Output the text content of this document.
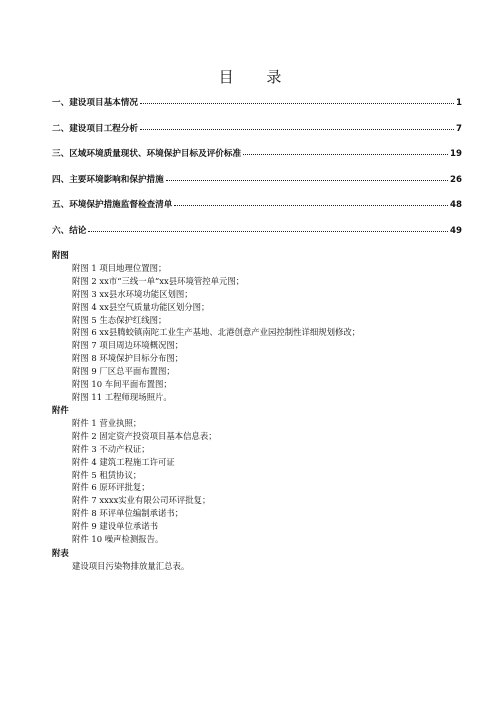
目 录
一、建设项目基本情况	1
二、建设项目工程分析	7
三、区域环境质量现状、环境保护目标及评价标准	19
四、主要环境影响和保护措施	26
五、环境保护措施监督检查清单	48
六、结论	49
附图
附图 1 项目地理位置图；
附图 2 xx市“三线一单”xx县环境管控单元图；
附图 3 xx县水环境功能区划图；
附图 4 xx县空气质量功能区划分图；
附图 5 生态保护红线图；
附图 6 xx县腾蛟镇南陀工业生产基地、北港创意产业园控制性详细规划修改；
附图 7 项目周边环境概况图；
附图 8 环境保护目标分布图；
附图 9 厂区总平面布置图；
附图 10 车间平面布置图；
附图 11 工程师现场照片。
附件
附件 1 营业执照；
附件 2 固定资产投资项目基本信息表；
附件 3 不动产权证；
附件 4 建筑工程施工许可证
附件 5 租赁协议；
附件 6 原环评批复；
附件 7 xxxx实业有限公司环评批复；
附件 8 环评单位编制承诺书；
附件 9 建设单位承诺书
附件 10 噪声检测报告。
附表
建设项目污染物排放量汇总表。
